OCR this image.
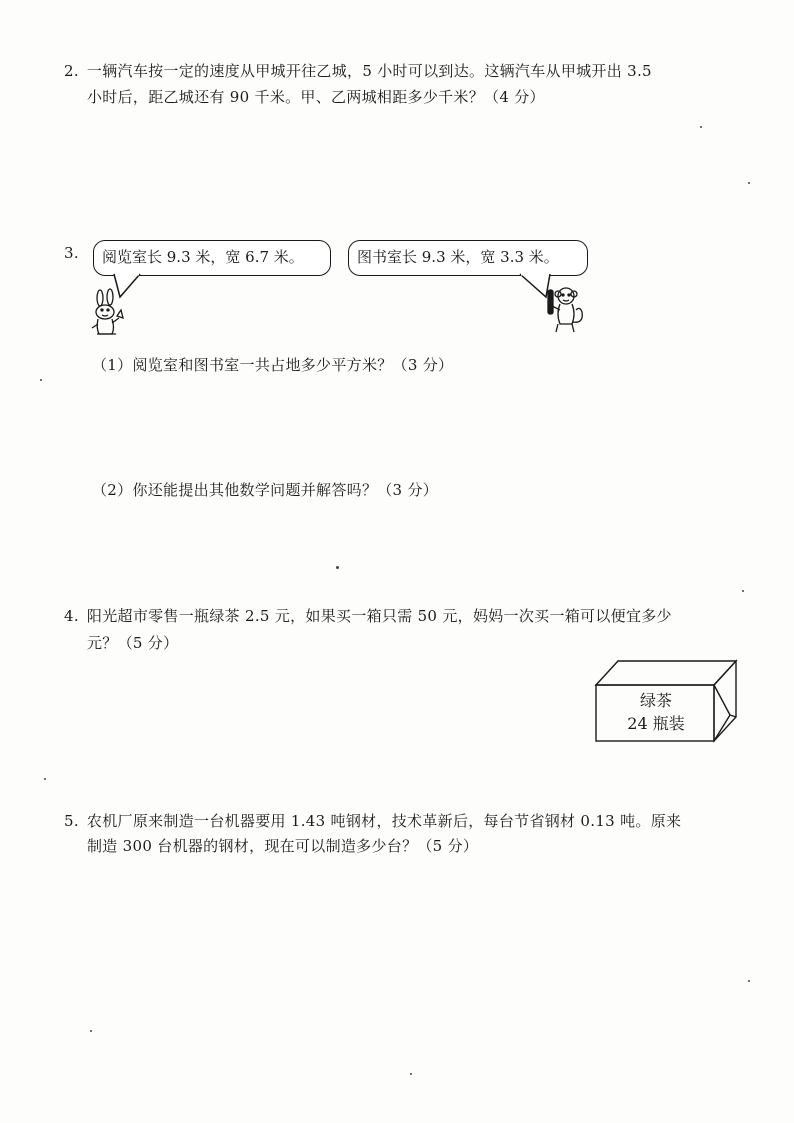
2. 一辆汽车按一定的速度从甲城开往乙城，5 小时可以到达。这辆汽车从甲城开出 3.5
小时后，距乙城还有 90 千米。甲、乙两城相距多少千米？（4 分）
3.	阅览室长 9.3 米，宽 6.7 米。	图书室长 9.3 米，宽 3.3 米。
（1）阅览室和图书室一共占地多少平方米？（3 分）
（2）你还能提出其他数学问题并解答吗？（3 分）
4. 阳光超市零售一瓶绿茶 2.5 元，如果买一箱只需 50 元，妈妈一次买一箱可以便宜多少
元？（5 分）
绿茶
24 瓶装
5. 农机厂原来制造一台机器要用 1.43 吨钢材，技术革新后，每台节省钢材 0.13 吨。原来
制造 300 台机器的钢材，现在可以制造多少台？（5 分）
